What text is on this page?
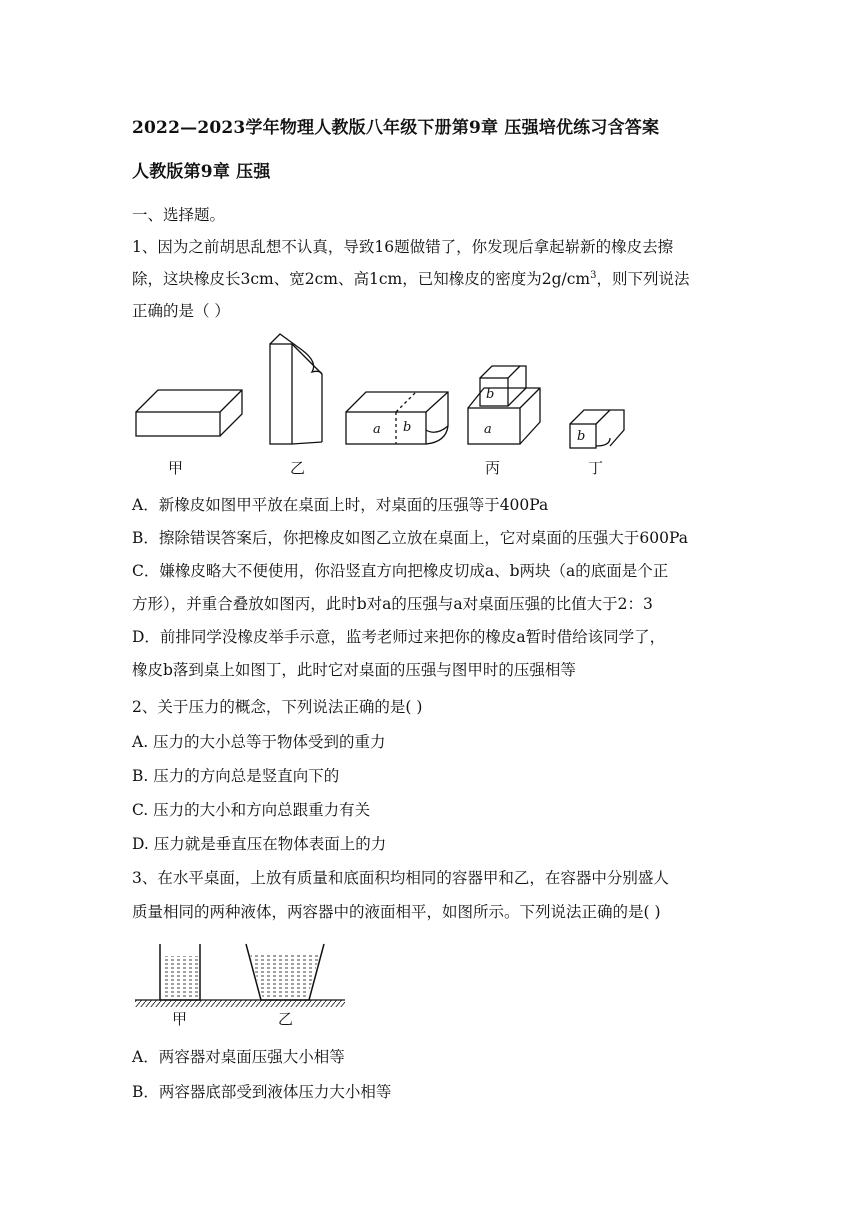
2022—2023学年物理人教版八年级下册第9章 压强培优练习含答案
人教版第9章 压强
一、选择题。
1、因为之前胡思乱想不认真，导致16题做错了，你发现后拿起崭新的橡皮去擦
除，这块橡皮长3cm、宽2cm、高1cm，已知橡皮的密度为$2g/cm^3$，则下列说法
正确的是（ ）
a b
b
a	b
甲	乙	丙	丁
A．新橡皮如图甲平放在桌面上时，对桌面的压强等于400Pa
B．擦除错误答案后，你把橡皮如图乙立放在桌面上，它对桌面的压强大于600Pa
C．嫌橡皮略大不便使用，你沿竖直方向把橡皮切成a、b两块（a的底面是个正
方形），并重合叠放如图丙，此时b对a的压强与a对桌面压强的比值大于2：3
D．前排同学没橡皮举手示意，监考老师过来把你的橡皮a暂时借给该同学了，
橡皮b落到桌上如图丁，此时它对桌面的压强与图甲时的压强相等
2、关于压力的概念，下列说法正确的是( )
A. 压力的大小总等于物体受到的重力
B. 压力的方向总是竖直向下的
C. 压力的大小和方向总跟重力有关
D. 压力就是垂直压在物体表面上的力
3、在水平桌面，上放有质量和底面积均相同的容器甲和乙，在容器中分别盛人
质量相同的两种液体，两容器中的液面相平，如图所示。下列说法正确的是( )
甲	乙
A．两容器对桌面压强大小相等
B．两容器底部受到液体压力大小相等
